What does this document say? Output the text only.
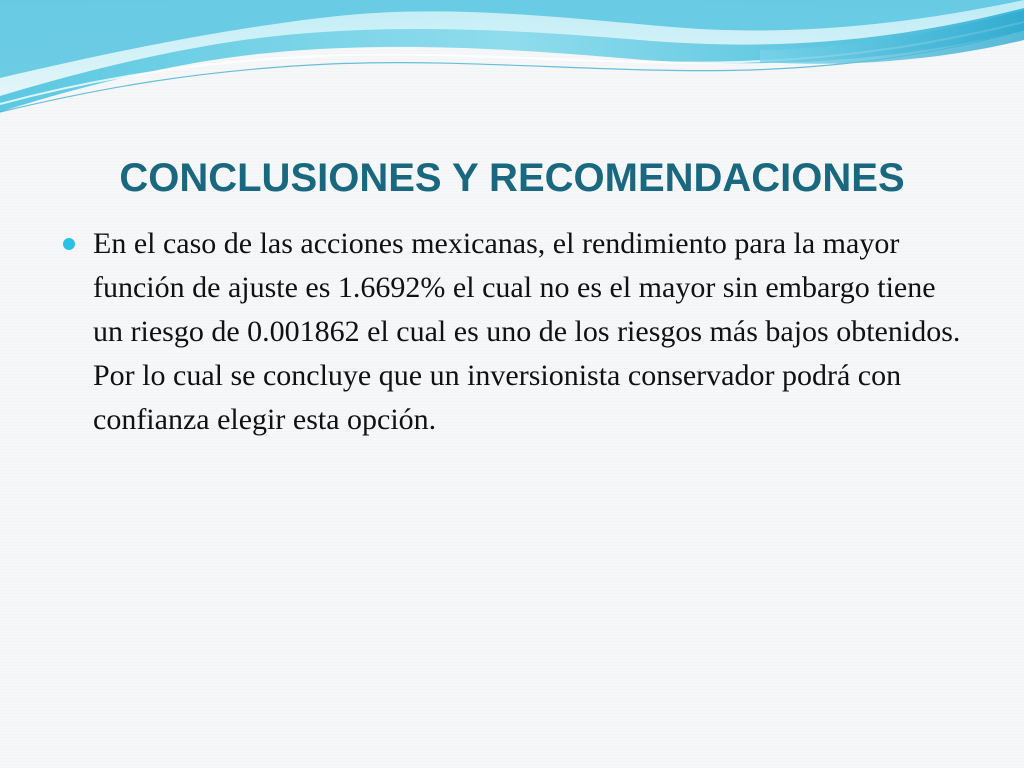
CONCLUSIONES Y RECOMENDACIONES
En el caso de las acciones mexicanas, el rendimiento para la mayor función de ajuste es 1.6692% el cual no es el mayor sin embargo tiene un riesgo de 0.001862 el cual es uno de los riesgos más bajos obtenidos. Por lo cual se concluye que un inversionista conservador podrá con confianza elegir esta opción.
